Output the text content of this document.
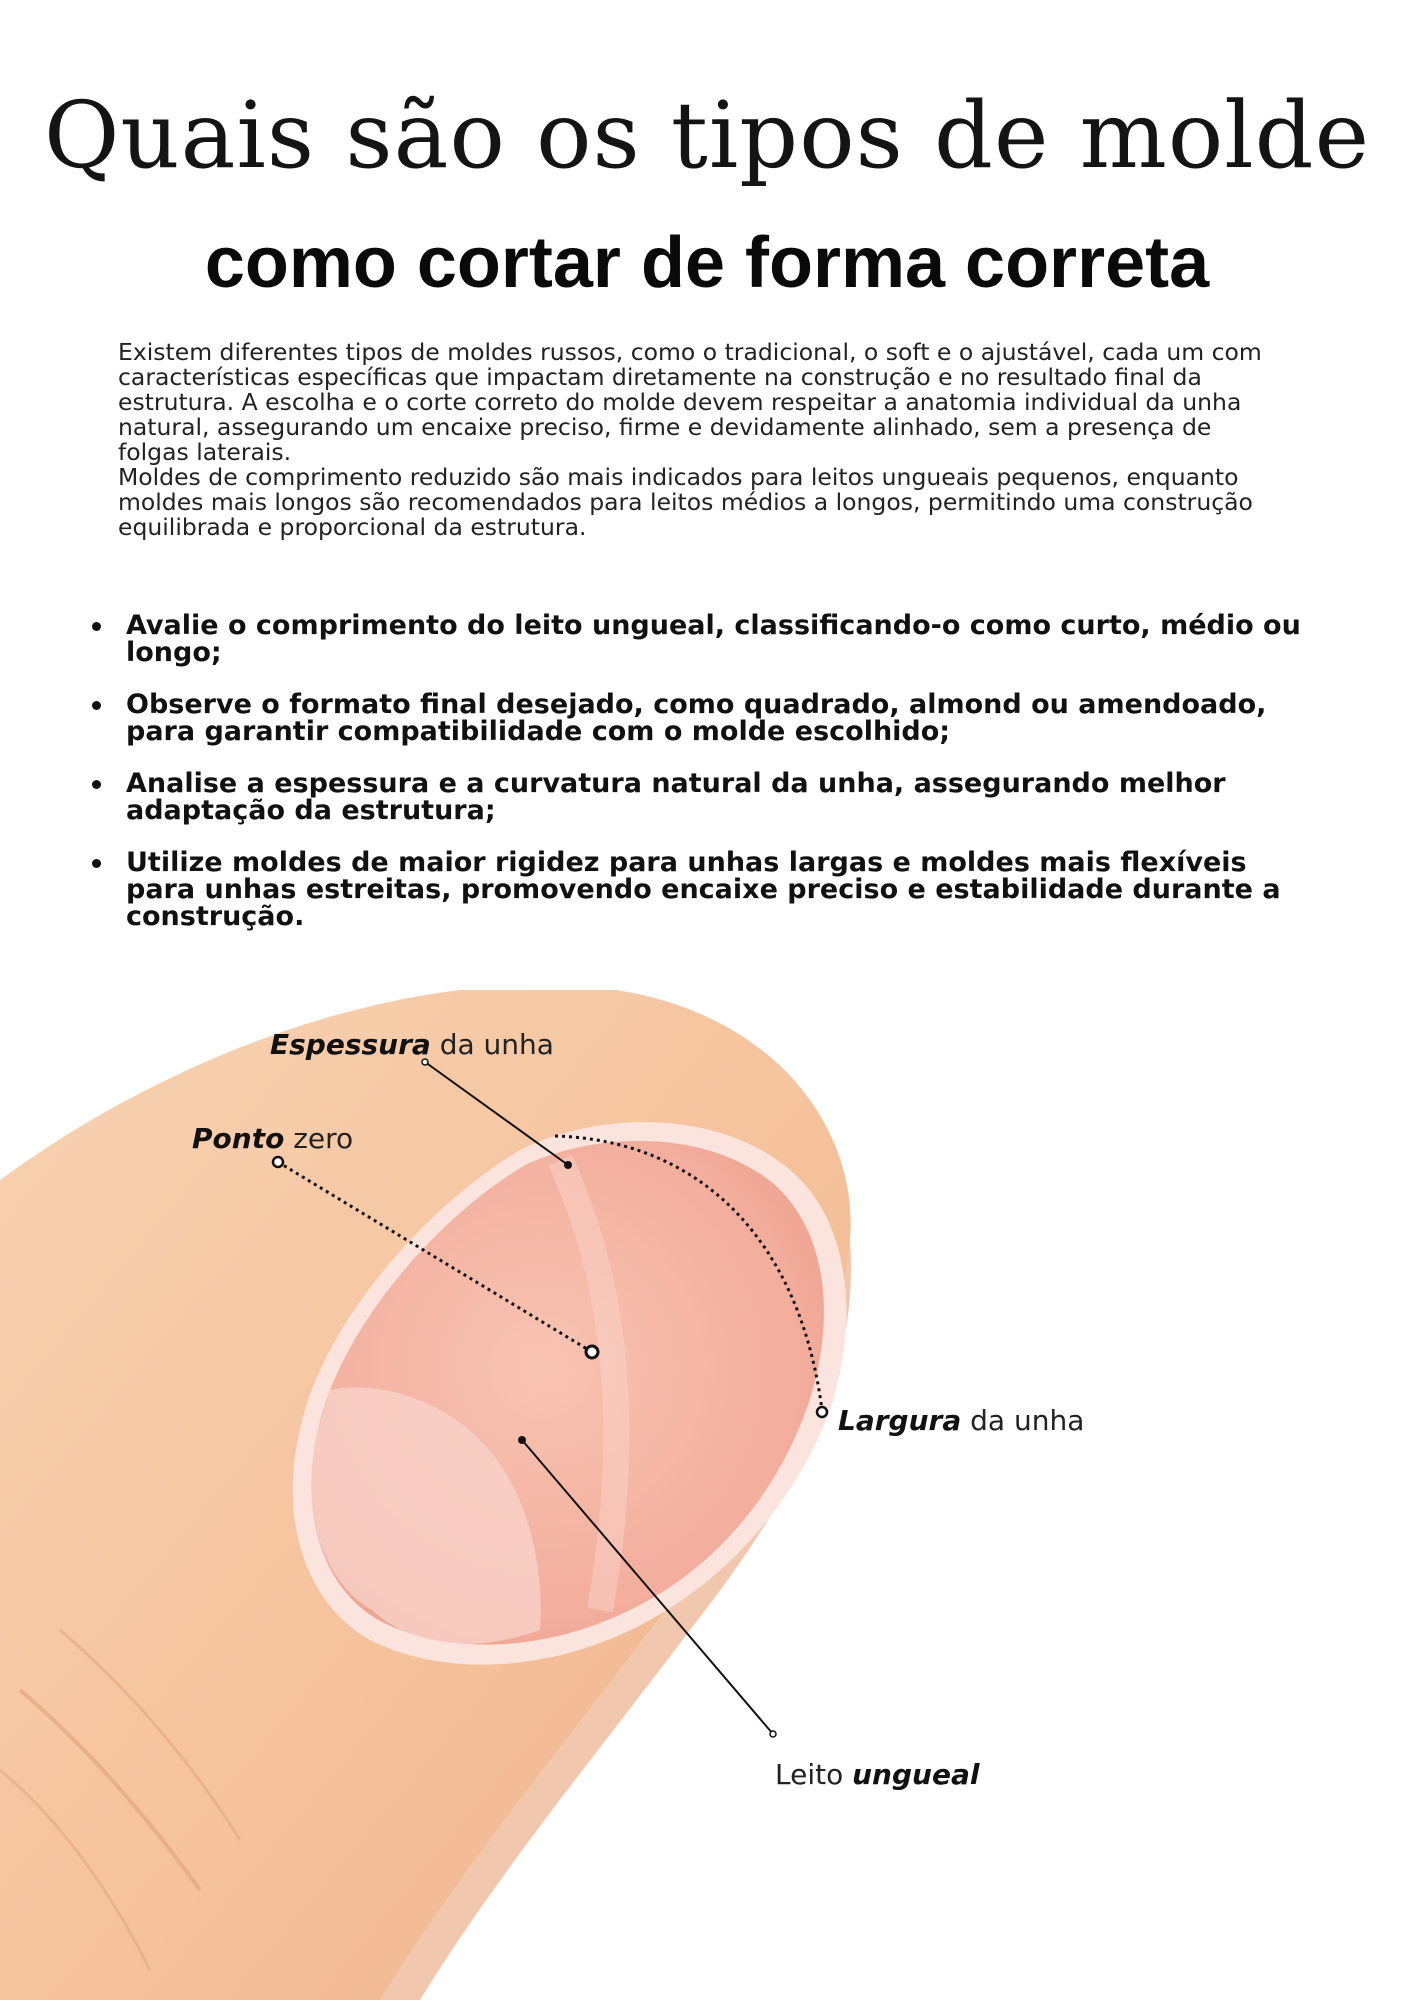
Quais são os tipos de molde
como cortar de forma correta

Existem diferentes tipos de moldes russos, como o tradicional, o soft e o ajustável, cada um com características específicas que impactam diretamente na construção e no resultado final da estrutura. A escolha e o corte correto do molde devem respeitar a anatomia individual da unha natural, assegurando um encaixe preciso, firme e devidamente alinhado, sem a presença de folgas laterais.

Moldes de comprimento reduzido são mais indicados para leitos ungueais pequenos, enquanto moldes mais longos são recomendados para leitos médios a longos, permitindo uma construção equilibrada e proporcional da estrutura.

Avalie o comprimento do leito ungueal, classificando-o como curto, médio ou longo;
Observe o formato final desejado, como quadrado, almond ou amendoado, para garantir compatibilidade com o molde escolhido;
Analise a espessura e a curvatura natural da unha, assegurando melhor adaptação da estrutura;
Utilize moldes de maior rigidez para unhas largas e moldes mais flexíveis para unhas estreitas, promovendo encaixe preciso e estabilidade durante a construção.
Espessura da unha
Ponto zero
Largura da unha
Leito ungueal
